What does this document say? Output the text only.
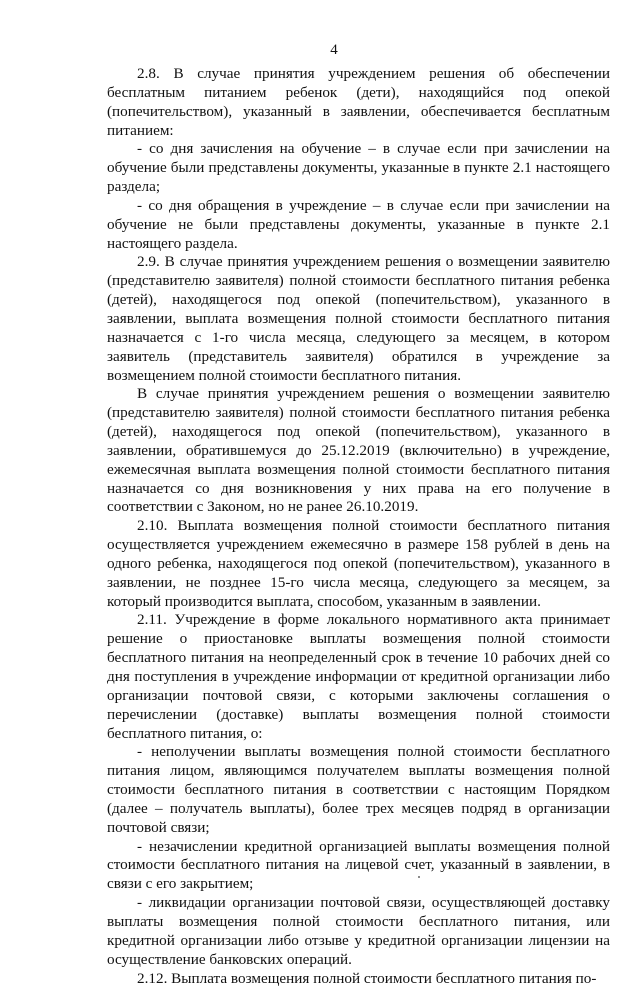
4

2.8. В случае принятия учреждением решения об обеспечении бесплатным питанием ребенок (дети), находящийся под опекой (попечительством), указанный в заявлении, обеспечивается бесплатным питанием:

- со дня зачисления на обучение – в случае если при зачислении на обучение были представлены документы, указанные в пункте 2.1 настоящего раздела;

- со дня обращения в учреждение – в случае если при зачислении на обучение не были представлены документы, указанные в пункте 2.1 настоящего раздела.

2.9. В случае принятия учреждением решения о возмещении заявителю (представителю заявителя) полной стоимости бесплатного питания ребенка (детей), находящегося под опекой (попечительством), указанного в заявлении, выплата возмещения полной стоимости бесплатного питания назначается с 1-го числа месяца, следующего за месяцем, в котором заявитель (представитель заявителя) обратился в учреждение за возмещением полной стоимости бесплатного питания.

В случае принятия учреждением решения о возмещении заявителю (представителю заявителя) полной стоимости бесплатного питания ребенка (детей), находящегося под опекой (попечительством), указанного в заявлении, обратившемуся до 25.12.2019 (включительно) в учреждение, ежемесячная выплата возмещения полной стоимости бесплатного питания назначается со дня возникновения у них права на его получение в соответствии с Законом, но не ранее 26.10.2019.

2.10. Выплата возмещения полной стоимости бесплатного питания осуществляется учреждением ежемесячно в размере 158 рублей в день на одного ребенка, находящегося под опекой (попечительством), указанного в заявлении, не позднее 15-го числа месяца, следующего за месяцем, за который производится выплата, способом, указанным в заявлении.

2.11. Учреждение в форме локального нормативного акта принимает решение о приостановке выплаты возмещения полной стоимости бесплатного питания на неопределенный срок в течение 10 рабочих дней со дня поступления в учреждение информации от кредитной организации либо организации почтовой связи, с которыми заключены соглашения о перечислении (доставке) выплаты возмещения полной стоимости бесплатного питания, о:

- неполучении выплаты возмещения полной стоимости бесплатного питания лицом, являющимся получателем выплаты возмещения полной стоимости бесплатного питания в соответствии с настоящим Порядком (далее – получатель выплаты), более трех месяцев подряд в организации почтовой связи;

- незачислении кредитной организацией выплаты возмещения полной стоимости бесплатного питания на лицевой счет, указанный в заявлении, в связи с его закрытием;

- ликвидации организации почтовой связи, осуществляющей доставку выплаты возмещения полной стоимости бесплатного питания, или кредитной организации либо отзыве у кредитной организации лицензии на осуществление банковских операций.

2.12. Выплата возмещения полной стоимости бесплатного питания по-
